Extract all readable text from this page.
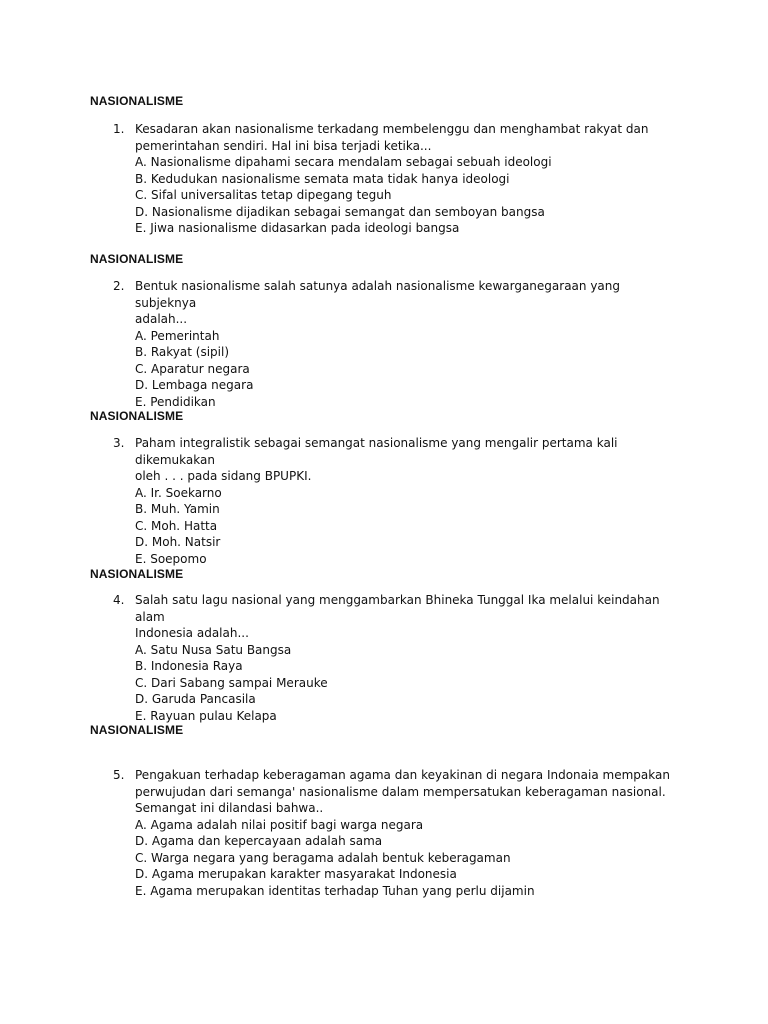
NASIONALISME
1. Kesadaran akan nasionalisme terkadang membelenggu dan menghambat rakyat dan
pemerintahan sendiri. Hal ini bisa terjadi ketika...
A. Nasionalisme dipahami secara mendalam sebagai sebuah ideologi
B. Kedudukan nasionalisme semata mata tidak hanya ideologi
C. Sifal universalitas tetap dipegang teguh
D. Nasionalisme dijadikan sebagai semangat dan semboyan bangsa
E. Jiwa nasionalisme didasarkan pada ideologi bangsa
NASIONALISME
2. Bentuk nasionalisme salah satunya adalah nasionalisme kewarganegaraan yang subjeknya
adalah...
A. Pemerintah
B. Rakyat (sipil)
C. Aparatur negara
D. Lembaga negara
E. Pendidikan
NASIONALISME
3. Paham integralistik sebagai semangat nasionalisme yang mengalir pertama kali dikemukakan
oleh . . . pada sidang BPUPKI.
A. Ir. Soekarno
B. Muh. Yamin
C. Moh. Hatta
D. Moh. Natsir
E. Soepomo
NASIONALISME
4. Salah satu lagu nasional yang menggambarkan Bhineka Tunggal Ika melalui keindahan alam
Indonesia adalah...
A. Satu Nusa Satu Bangsa
B. Indonesia Raya
C. Dari Sabang sampai Merauke
D. Garuda Pancasila
E. Rayuan pulau Kelapa
NASIONALISME
5. Pengakuan terhadap keberagaman agama dan keyakinan di negara Indonaia mempakan
perwujudan dari semanga' nasionalisme dalam mempersatukan keberagaman nasional.
Semangat ini dilandasi bahwa..
A. Agama adalah nilai positif bagi warga negara
D. Agama dan kepercayaan adalah sama
C. Warga negara yang beragama adalah bentuk keberagaman
D. Agama merupakan karakter masyarakat Indonesia
E. Agama merupakan identitas terhadap Tuhan yang perlu dijamin
